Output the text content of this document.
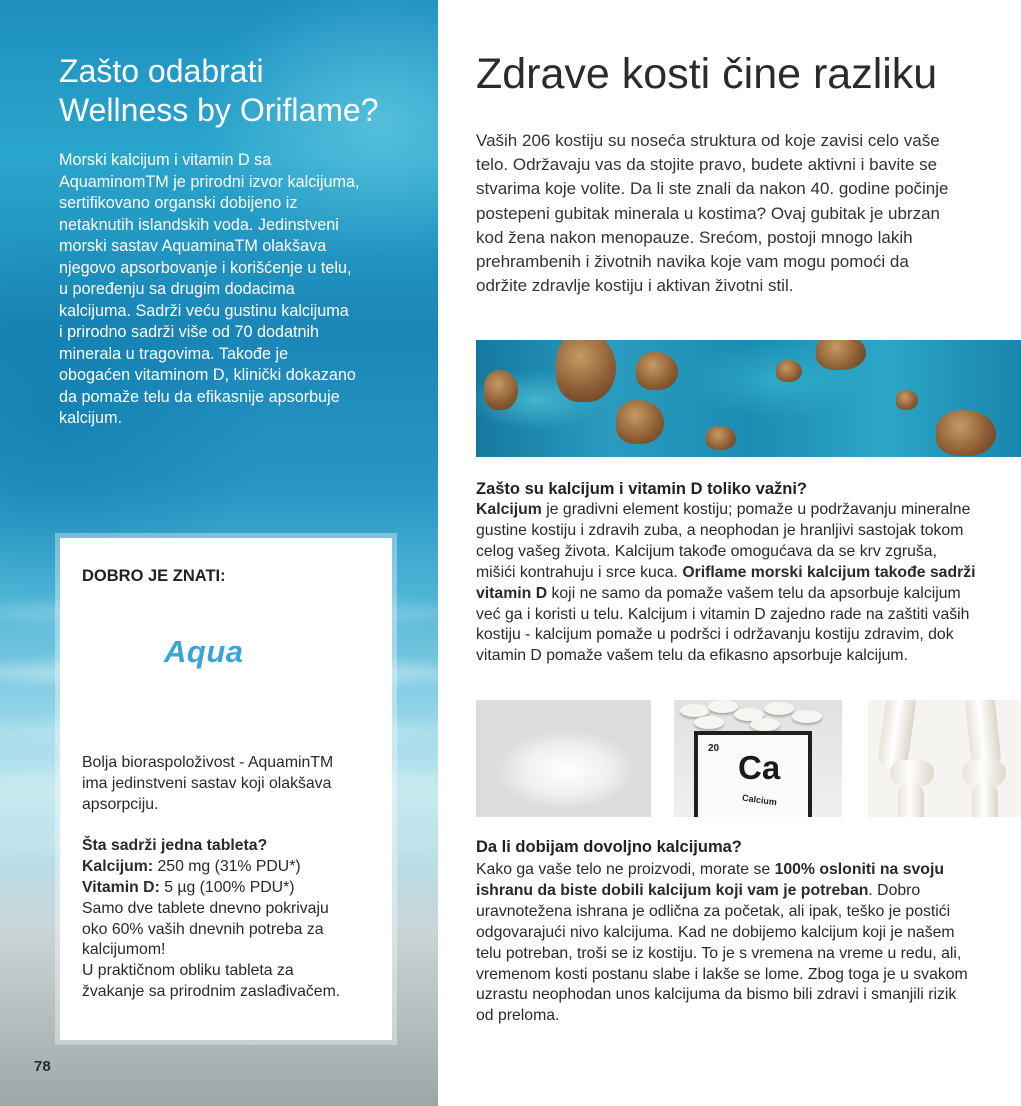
Zašto odabrati
Wellness by Oriflame?
Morski kalcijum i vitamin D sa
AquaminomTM je prirodni izvor kalcijuma,
sertifikovano organski dobijeno iz
netaknutih islandskih voda. Jedinstveni
morski sastav AquaminaTM olakšava
njegovo apsorbovanje i korišćenje u telu,
u poređenju sa drugim dodacima
kalcijuma. Sadrži veću gustinu kalcijuma
i prirodno sadrži više od 70 dodatnih
minerala u tragovima. Takođe je
obogaćen vitaminom D, klinički dokazano
da pomaže telu da efikasnije apsorbuje
kalcijum.
DOBRO JE ZNATI:
Aqua
Bolja bioraspoloživost - AquaminTM
ima jedinstveni sastav koji olakšava
apsorpciju.
Šta sadrži jedna tableta?
Kalcijum: 250 mg (31% PDU*)
Vitamin D: 5 µg (100% PDU*)
Samo dve tablete dnevno pokrivaju
oko 60% vaših dnevnih potreba za
kalcijumom!
U praktičnom obliku tableta za
žvakanje sa prirodnim zaslađivačem.
78
Zdrave kosti čine razliku
Vaših 206 kostiju su noseća struktura od koje zavisi celo vaše
telo. Održavaju vas da stojite pravo, budete aktivni i bavite se
stvarima koje volite. Da li ste znali da nakon 40. godine počinje
postepeni gubitak minerala u kostima? Ovaj gubitak je ubrzan
kod žena nakon menopauze. Srećom, postoji mnogo lakih
prehrambenih i životnih navika koje vam mogu pomoći da
održite zdravlje kostiju i aktivan životni stil.
Zašto su kalcijum i vitamin D toliko važni?
Kalcijum je gradivni element kostiju; pomaže u podržavanju mineralne
gustine kostiju i zdravih zuba, a neophodan je hranljivi sastojak tokom
celog vašeg života. Kalcijum takođe omogućava da se krv zgruša,
mišići kontrahuju i srce kuca. Oriflame morski kalcijum takođe sadrži
vitamin D koji ne samo da pomaže vašem telu da apsorbuje kalcijum
već ga i koristi u telu. Kalcijum i vitamin D zajedno rade na zaštiti vaših
kostiju - kalcijum pomaže u podršci i održavanju kostiju zdravim, dok
vitamin D pomaže vašem telu da efikasno apsorbuje kalcijum.
20
Ca
Calcium
Da li dobijam dovoljno kalcijuma?
Kako ga vaše telo ne proizvodi, morate se 100% osloniti na svoju
ishranu da biste dobili kalcijum koji vam je potreban. Dobro
uravnotežena ishrana je odlična za početak, ali ipak, teško je postići
odgovarajući nivo kalcijuma. Kad ne dobijemo kalcijum koji je našem
telu potreban, troši se iz kostiju. To je s vremena na vreme u redu, ali,
vremenom kosti postanu slabe i lakše se lome. Zbog toga je u svakom
uzrastu neophodan unos kalcijuma da bismo bili zdravi i smanjili rizik
od preloma.
